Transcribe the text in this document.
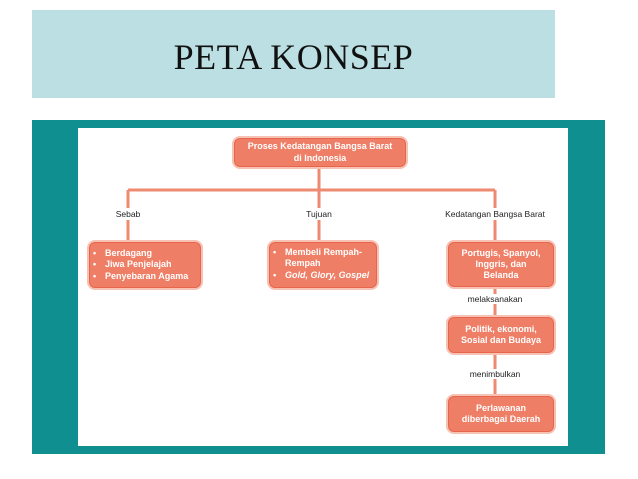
PETA KONSEP
Proses Kedatangan Bangsa Barat
di Indonesia
Sebab	Tujuan	Kedatangan Bangsa Barat
• Berdagang
• Jiwa Penjelajah
• Penyebaran Agama
• Membeli Rempah-Rempah
• Gold, Glory, Gospel
Portugis, Spanyol, Inggris, dan Belanda
melaksanakan
Politik, ekonomi, Sosial dan Budaya
menimbulkan
Perlawanan diberbagai Daerah
